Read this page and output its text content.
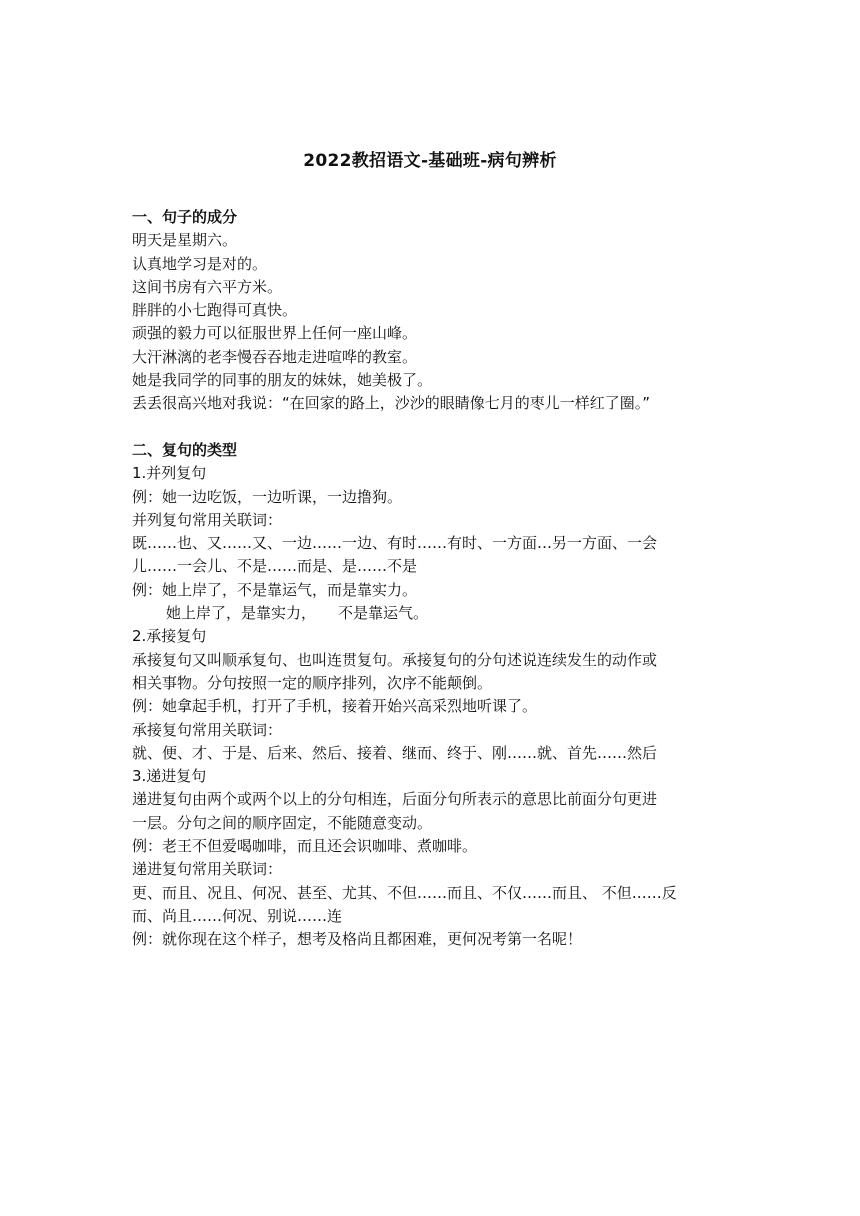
2022教招语文-基础班-病句辨析
一、句子的成分
明天是星期六。
认真地学习是对的。
这间书房有六平方米。
胖胖的小七跑得可真快。
顽强的毅力可以征服世界上任何一座山峰。
大汗淋漓的老李慢吞吞地走进喧哗的教室。
她是我同学的同事的朋友的妹妹，她美极了。
丢丢很高兴地对我说：“在回家的路上，沙沙的眼睛像七月的枣儿一样红了圈。”
二、复句的类型
1.并列复句
例：她一边吃饭，一边听课，一边撸狗。
并列复句常用关联词：
既……也、又……又、一边……一边、有时……有时、一方面…另一方面、一会
儿……一会儿、不是……而是、是……不是
例：她上岸了，不是靠运气，而是靠实力。
她上岸了，是靠实力， 不是靠运气。
2.承接复句
承接复句又叫顺承复句、也叫连贯复句。承接复句的分句述说连续发生的动作或
相关事物。分句按照一定的顺序排列，次序不能颠倒。
例：她拿起手机，打开了手机，接着开始兴高采烈地听课了。
承接复句常用关联词：
就、便、才、于是、后来、然后、接着、继而、终于、刚……就、首先……然后
3.递进复句
递进复句由两个或两个以上的分句相连，后面分句所表示的意思比前面分句更进
一层。分句之间的顺序固定，不能随意变动。
例：老王不但爱喝咖啡，而且还会识咖啡、煮咖啡。
递进复句常用关联词：
更、而且、况且、何况、甚至、尤其、不但……而且、不仅……而且、 不但……反
而、尚且……何况、别说……连
例：就你现在这个样子，想考及格尚且都困难，更何况考第一名呢！
